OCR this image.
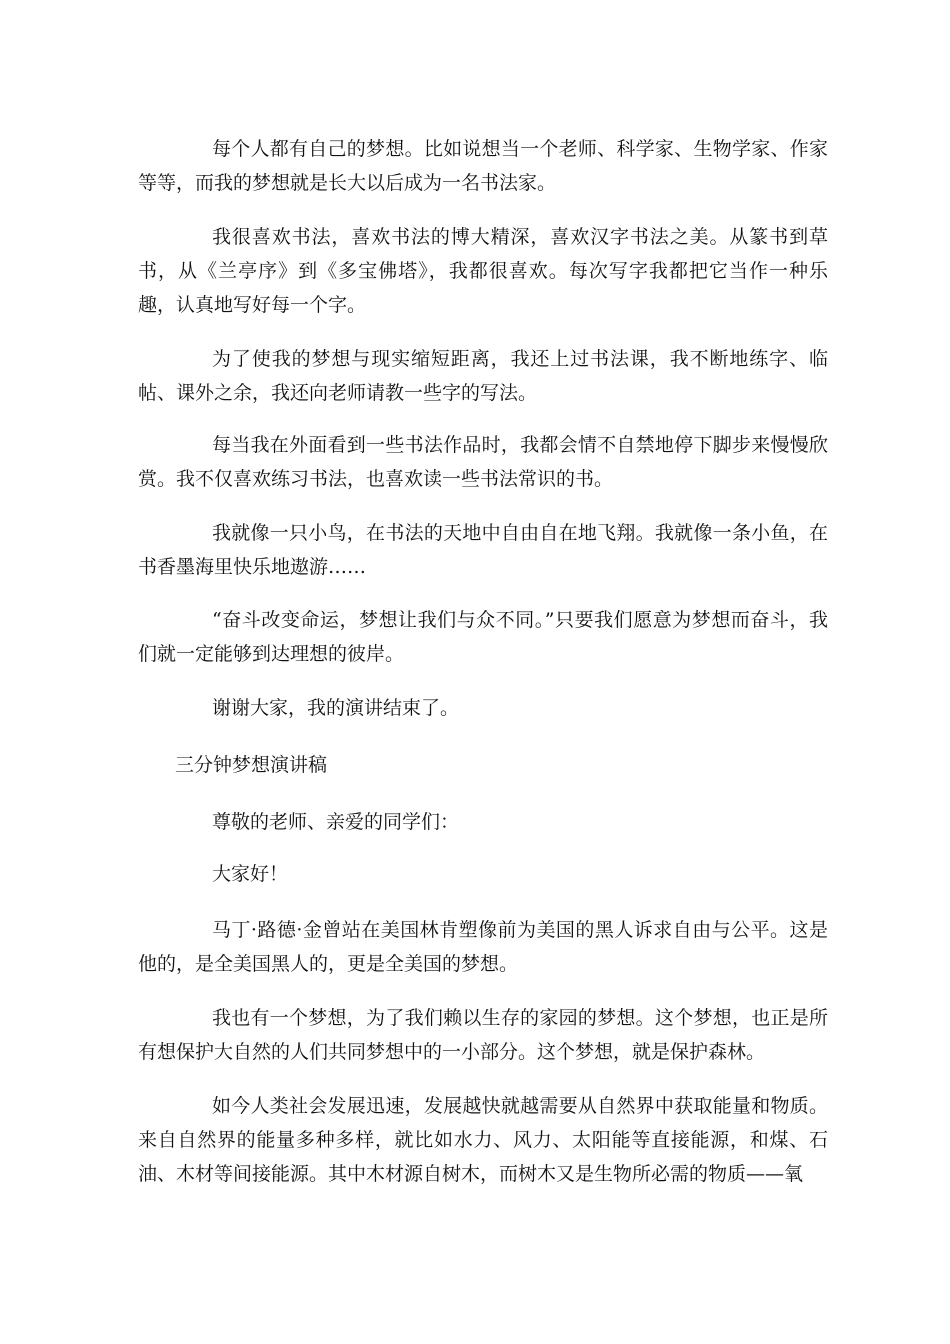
每个人都有自己的梦想。比如说想当一个老师、科学家、生物学家、作家等等，而我的梦想就是长大以后成为一名书法家。

我很喜欢书法，喜欢书法的博大精深，喜欢汉字书法之美。从篆书到草书，从《兰亭序》到《多宝佛塔》，我都很喜欢。每次写字我都把它当作一种乐趣，认真地写好每一个字。

为了使我的梦想与现实缩短距离，我还上过书法课，我不断地练字、临帖、课外之余，我还向老师请教一些字的写法。

每当我在外面看到一些书法作品时，我都会情不自禁地停下脚步来慢慢欣赏。我不仅喜欢练习书法，也喜欢读一些书法常识的书。

我就像一只小鸟，在书法的天地中自由自在地飞翔。我就像一条小鱼，在书香墨海里快乐地遨游……

“奋斗改变命运，梦想让我们与众不同。”只要我们愿意为梦想而奋斗，我们就一定能够到达理想的彼岸。

谢谢大家，我的演讲结束了。

三分钟梦想演讲稿

尊敬的老师、亲爱的同学们：

大家好！

马丁·路德·金曾站在美国林肯塑像前为美国的黑人诉求自由与公平。这是他的，是全美国黑人的，更是全美国的梦想。

我也有一个梦想，为了我们赖以生存的家园的梦想。这个梦想，也正是所有想保护大自然的人们共同梦想中的一小部分。这个梦想，就是保护森林。

如今人类社会发展迅速，发展越快就越需要从自然界中获取能量和物质。来自自然界的能量多种多样，就比如水力、风力、太阳能等直接能源，和煤、石油、木材等间接能源。其中木材源自树木，而树木又是生物所必需的物质——氧
